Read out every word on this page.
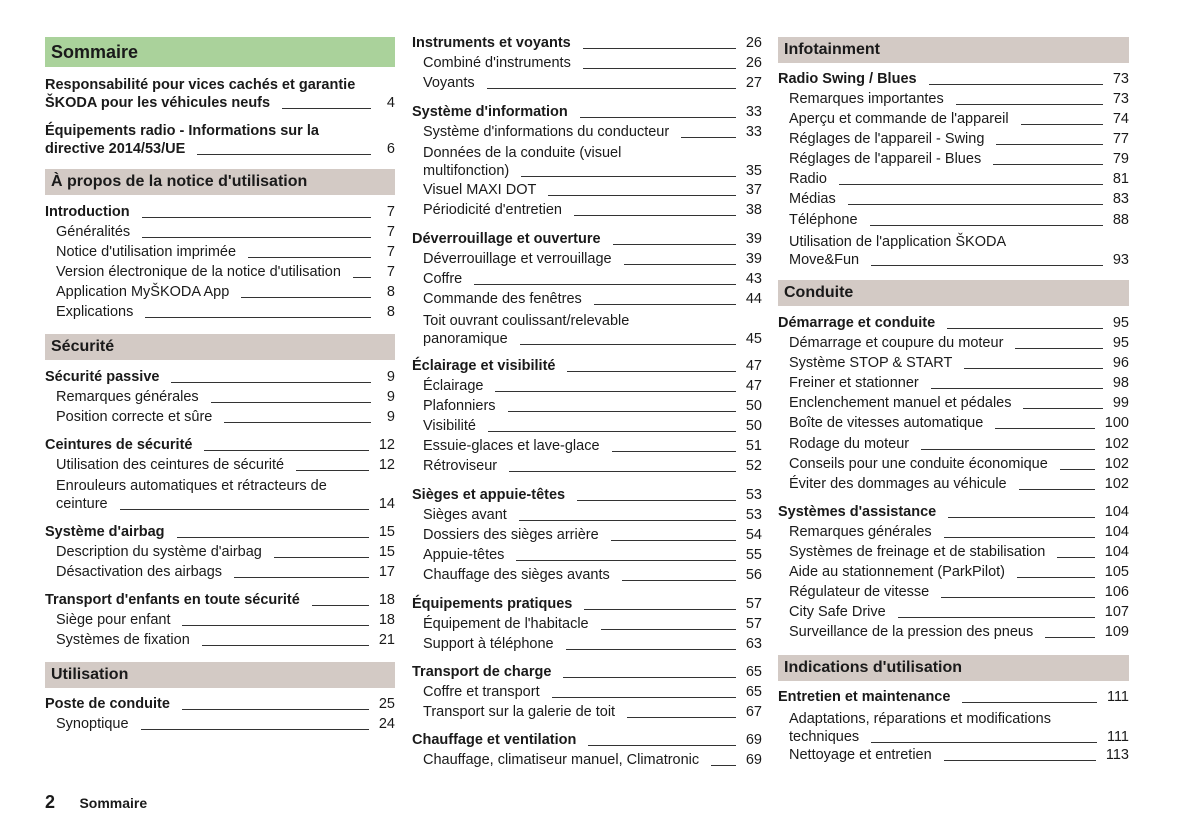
Sommaire
Responsabilité pour vices cachés et garantie
ŠKODA pour les véhicules neufs	4
Équipements radio - Informations sur la
directive 2014/53/UE	6
À propos de la notice d'utilisation
Introduction	7
Généralités	7
Notice d'utilisation imprimée	7
Version électronique de la notice d'utilisation	7
Application MyŠKODA App	8
Explications	8
Sécurité
Sécurité passive	9
Remarques générales	9
Position correcte et sûre	9
Ceintures de sécurité	12
Utilisation des ceintures de sécurité	12
Enrouleurs automatiques et rétracteurs de
ceinture	14
Système d'airbag	15
Description du système d'airbag	15
Désactivation des airbags	17
Transport d'enfants en toute sécurité	18
Siège pour enfant	18
Systèmes de fixation	21
Utilisation
Poste de conduite	25
Synoptique	24
Instruments et voyants	26
Combiné d'instruments	26
Voyants	27
Système d'information	33
Système d'informations du conducteur	33
Données de la conduite (visuel
multifonction)	35
Visuel MAXI DOT	37
Périodicité d'entretien	38
Déverrouillage et ouverture	39
Déverrouillage et verrouillage	39
Coffre	43
Commande des fenêtres	44
Toit ouvrant coulissant/relevable
panoramique	45
Éclairage et visibilité	47
Éclairage	47
Plafonniers	50
Visibilité	50
Essuie-glaces et lave-glace	51
Rétroviseur	52
Sièges et appuie-têtes	53
Sièges avant	53
Dossiers des sièges arrière	54
Appuie-têtes	55
Chauffage des sièges avants	56
Équipements pratiques	57
Équipement de l'habitacle	57
Support à téléphone	63
Transport de charge	65
Coffre et transport	65
Transport sur la galerie de toit	67
Chauffage et ventilation	69
Chauffage, climatiseur manuel, Climatronic	69
Infotainment
Radio Swing / Blues	73
Remarques importantes	73
Aperçu et commande de l'appareil	74
Réglages de l'appareil - Swing	77
Réglages de l'appareil - Blues	79
Radio	81
Médias	83
Téléphone	88
Utilisation de l'application ŠKODA
Move&Fun	93
Conduite
Démarrage et conduite	95
Démarrage et coupure du moteur	95
Système STOP & START	96
Freiner et stationner	98
Enclenchement manuel et pédales	99
Boîte de vitesses automatique	100
Rodage du moteur	102
Conseils pour une conduite économique	102
Éviter des dommages au véhicule	102
Systèmes d'assistance	104
Remarques générales	104
Systèmes de freinage et de stabilisation	104
Aide au stationnement (ParkPilot)	105
Régulateur de vitesse	106
City Safe Drive	107
Surveillance de la pression des pneus	109
Indications d'utilisation
Entretien et maintenance	111
Adaptations, réparations et modifications
techniques	111
Nettoyage et entretien	113
2 Sommaire
